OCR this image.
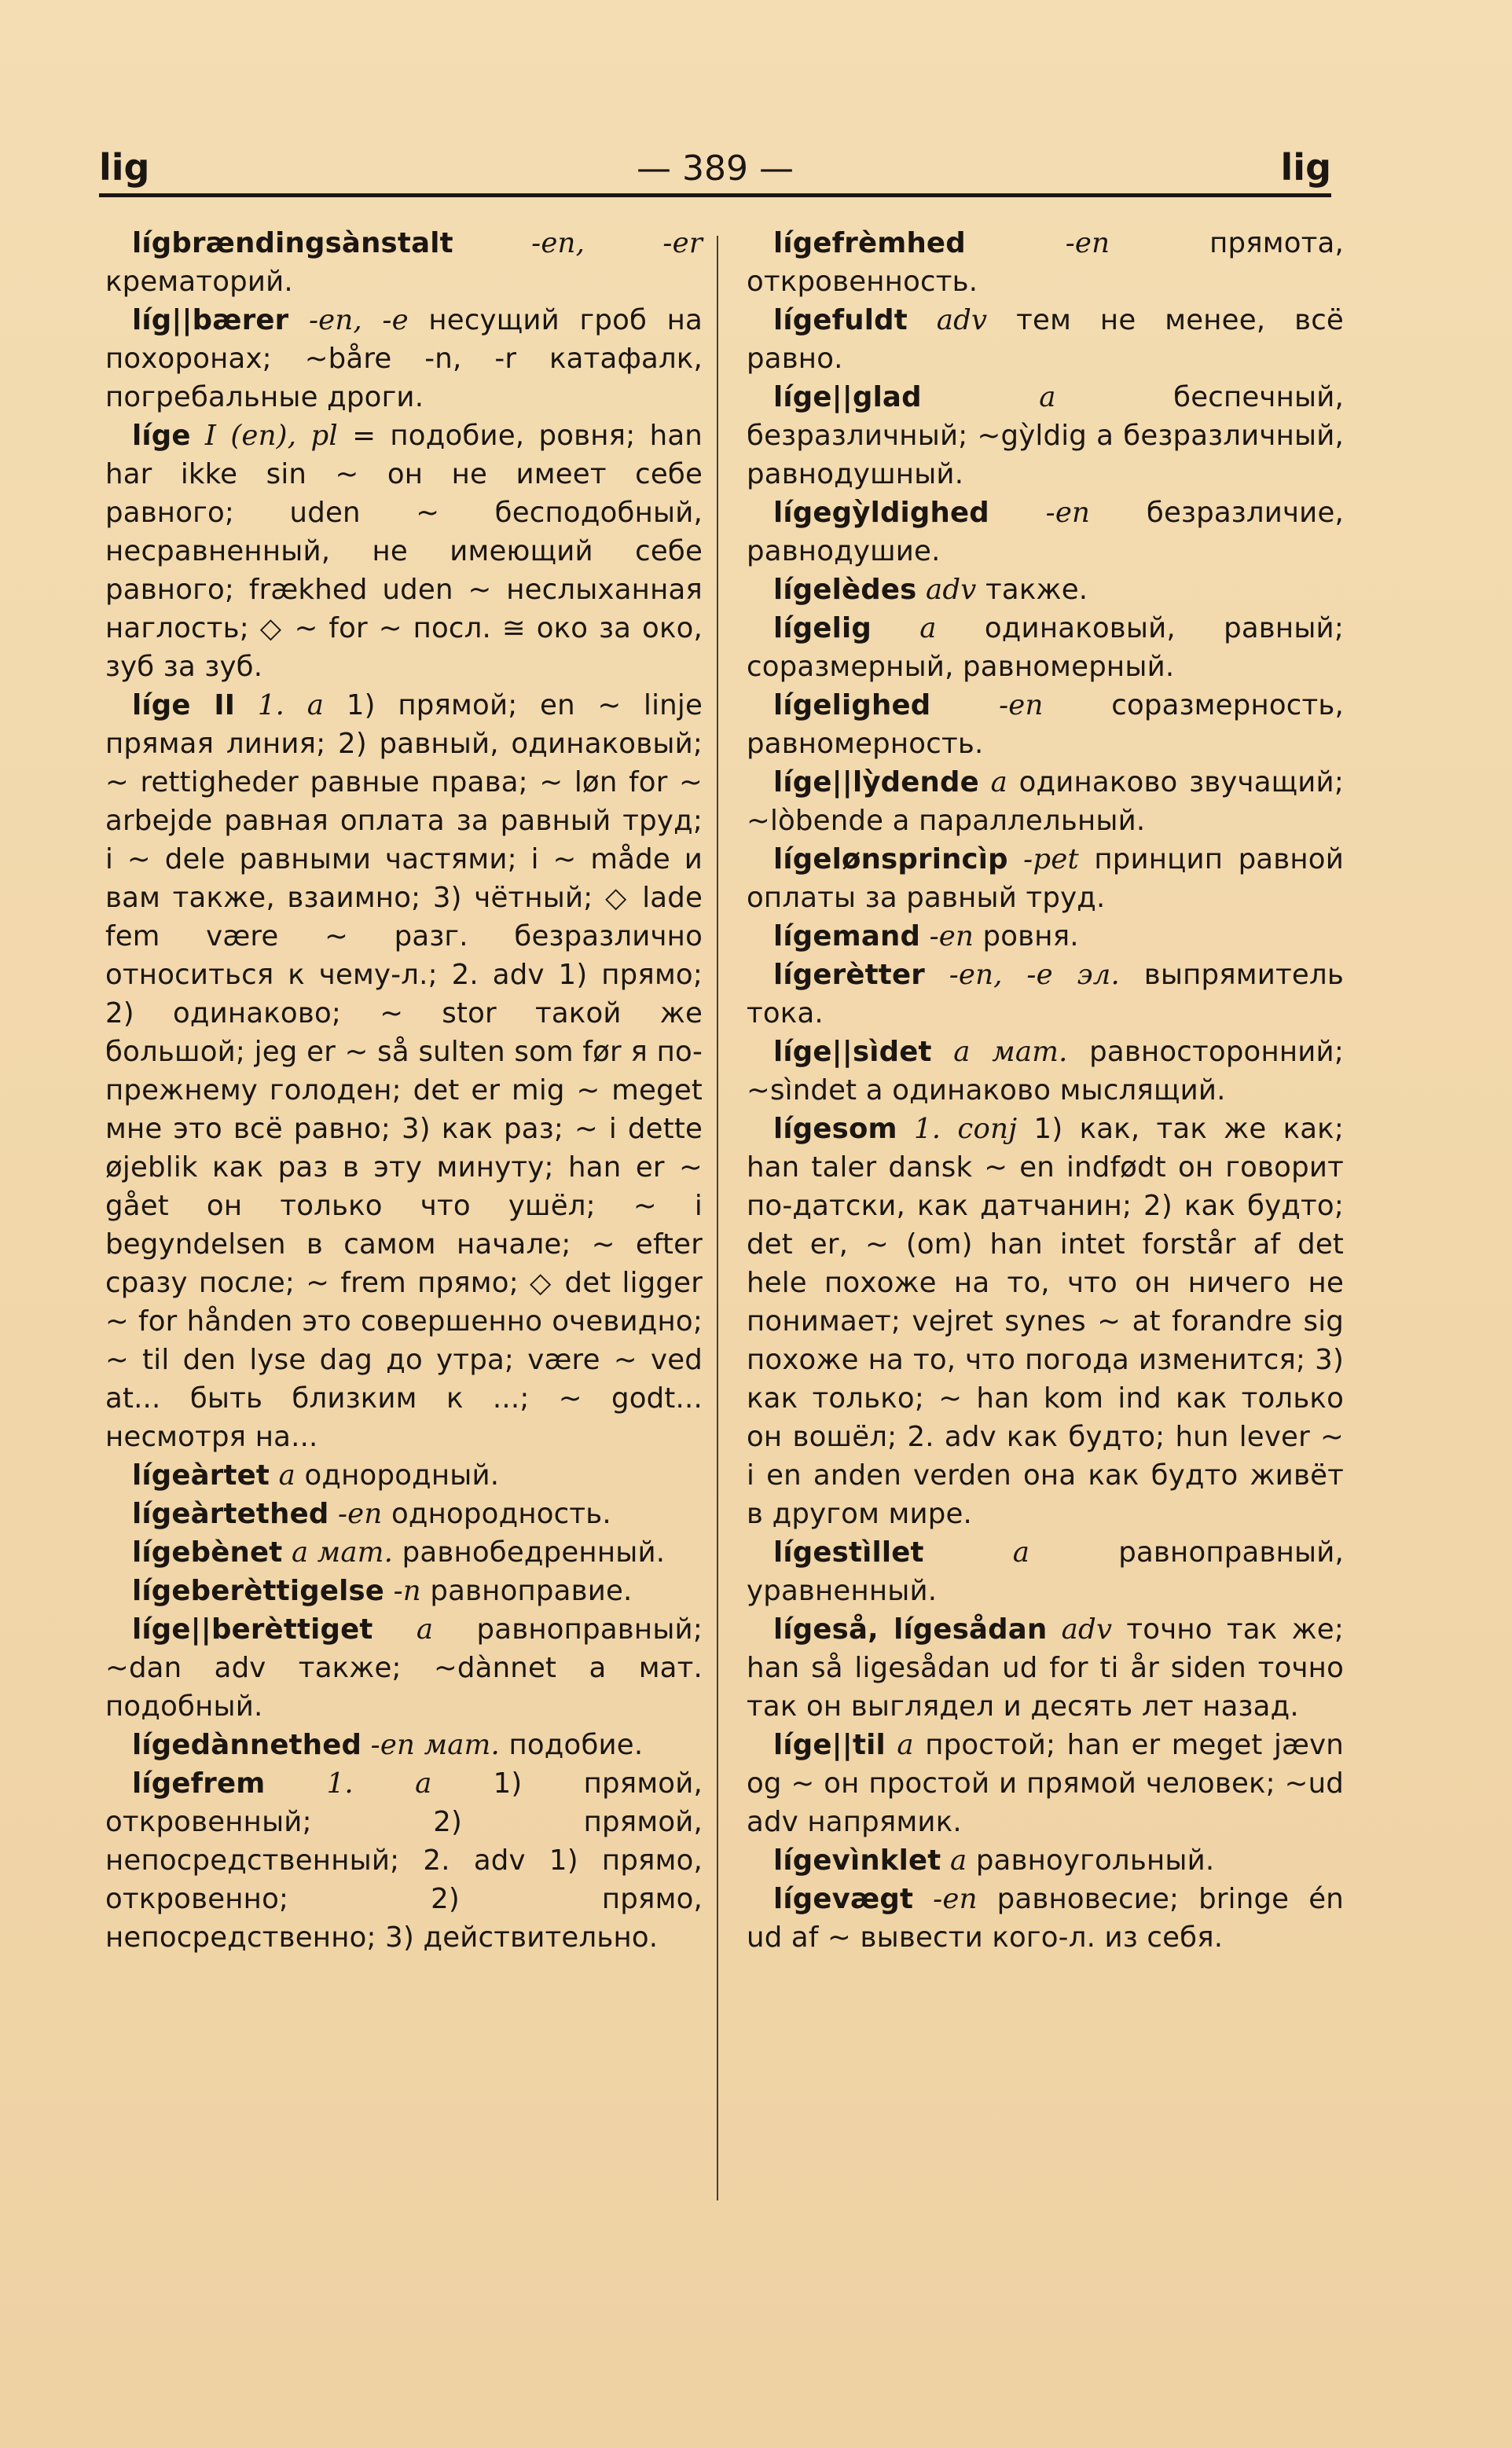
lig	— 389 —	lig

lígbrændingsànstalt	-en, -er крематорий.

líg||bærer -en, -e несущий гроб на похоронах; ~båre -n, -r катафалк, погребальные дроги.

líge I (en), pl = подобие, ровня; han har ikke sin ~ он не имеет себе равного; uden ~ бесподобный, несравненный, не имеющий себе равного; frækhed uden ~ неслыханная наглость; ◇ ~ for ~ посл. ≅ око за око, зуб за зуб.

líge II 1. a 1) прямой; en ~ linje прямая линия; 2) равный, одинаковый; ~ rettigheder равные права; ~ løn for ~ arbejde равная оплата за равный труд; i ~ dele равными частями; i ~ måde и вам также, взаимно; 3) чётный; ◇ lade fem være ~ разг. безразлично относиться к чему-л.; 2. adv 1) прямо; 2) одинаково; ~ stor такой же большой; jeg er ~ så sulten som før я по-прежнему голоден; det er mig ~ meget мне это всё равно; 3) как раз; ~ i dette øjeblik как раз в эту минуту; han er ~ gået он только что ушёл; ~ i begyndelsen в самом начале; ~ efter сразу после; ~ frem прямо; ◇ det ligger ~ for hånden это совершенно очевидно; ~ til den lyse dag до утра; være ~ ved at... быть близким к ...; ~ godt... несмотря на...

lígeàrtet a однородный.

lígeàrtethed -en однородность.

lígebènet a мат. равнобедренный.

lígeberèttigelse -n равноправие.

líge||berèttiget a равноправный; ~dan adv также; ~dànnet a мат. подобный.

lígedànnethed -en мат. подобие.

lígefrem 1. a 1) прямой, откровенный; 2) прямой, непосредственный; 2. adv 1) прямо, откровенно; 2) прямо, непосредственно; 3) действительно.

lígefrèmhed	-en	прямота, откровенность.

lígefuldt adv тем не менее, всё равно.

líge||glad	a	беспечный, безразличный; ~gỳldig a безразличный, равнодушный.

lígegỳldighed -en безразличие, равнодушие.

lígelèdes adv также.

lígelig a одинаковый, равный; соразмерный, равномерный.

lígelighed -en соразмерность, равномерность.

líge||lỳdende a одинаково звучащий; ~lòbende a параллельный.

lígelønsprincìp -pet принцип равной оплаты за равный труд.

lígemand -en ровня.

lígerètter -en, -e эл. выпрямитель тока.

líge||sìdet a мат. равносторонний; ~sìndet a одинаково мыслящий.

lígesom 1. conj 1) как, так же как; han taler dansk ~ en indfødt он говорит по-датски, как датчанин; 2) как будто; det er, ~ (om) han intet forstår af det hele похоже на то, что он ничего не понимает; vejret synes ~ at forandre sig похоже на то, что погода изменится; 3) как только; ~ han kom ind как только он вошёл; 2. adv как будто; hun lever ~ i en anden verden она как будто живёт в другом мире.

lígestìllet	a	равноправный, уравненный.

lígeså, lígesådan adv точно так же; han så ligesådan ud for ti år siden точно так он выглядел и десять лет назад.

líge||til a простой; han er meget jævn og ~ он простой и прямой человек; ~ud adv напрямик.

lígevìnklet a равноугольный.

lígevægt -en равновесие; bringe én ud af ~ вывести кого-л. из себя.
